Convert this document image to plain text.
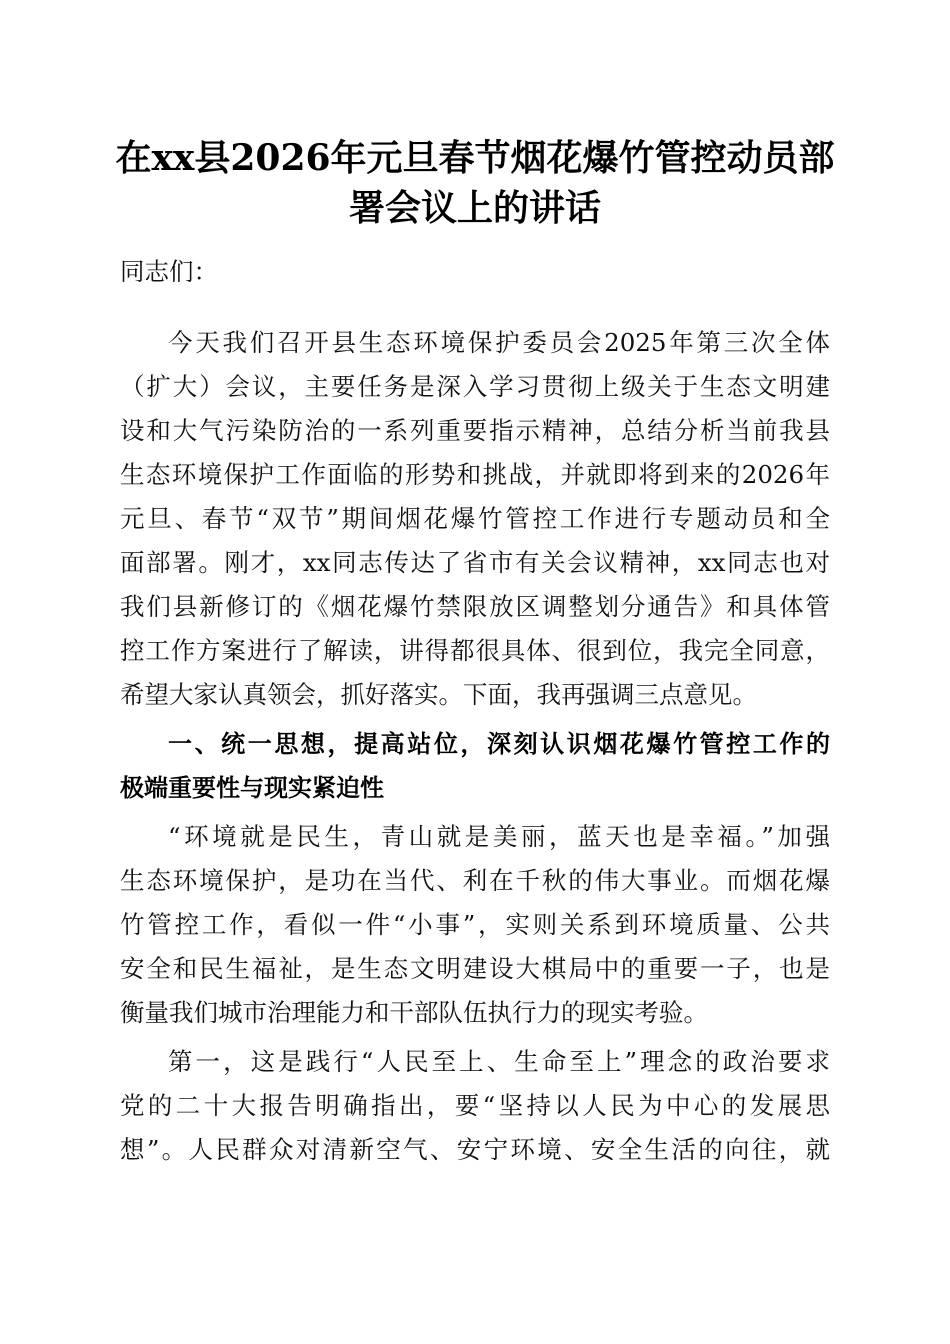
在xx县2026年元旦春节烟花爆竹管控动员部
署会议上的讲话

同志们：

今天我们召开县生态环境保护委员会2025年第三次全体

（扩大）会议，主要任务是深入学习贯彻上级关于生态文明建

设和大气污染防治的一系列重要指示精神，总结分析当前我县

生态环境保护工作面临的形势和挑战，并就即将到来的2026年

元旦、春节“双节”期间烟花爆竹管控工作进行专题动员和全

面部署。刚才，xx同志传达了省市有关会议精神，xx同志也对

我们县新修订的《烟花爆竹禁限放区调整划分通告》和具体管

控工作方案进行了解读，讲得都很具体、很到位，我完全同意，

希望大家认真领会，抓好落实。下面，我再强调三点意见。

一、统一思想，提高站位，深刻认识烟花爆竹管控工作的

极端重要性与现实紧迫性

“环境就是民生，青山就是美丽，蓝天也是幸福。”加强

生态环境保护，是功在当代、利在千秋的伟大事业。而烟花爆

竹管控工作，看似一件“小事”，实则关系到环境质量、公共

安全和民生福祉，是生态文明建设大棋局中的重要一子，也是

衡量我们城市治理能力和干部队伍执行力的现实考验。

第一，这是践行“人民至上、生命至上”理念的政治要求

党的二十大报告明确指出，要“坚持以人民为中心的发展思

想”。人民群众对清新空气、安宁环境、安全生活的向往，就
